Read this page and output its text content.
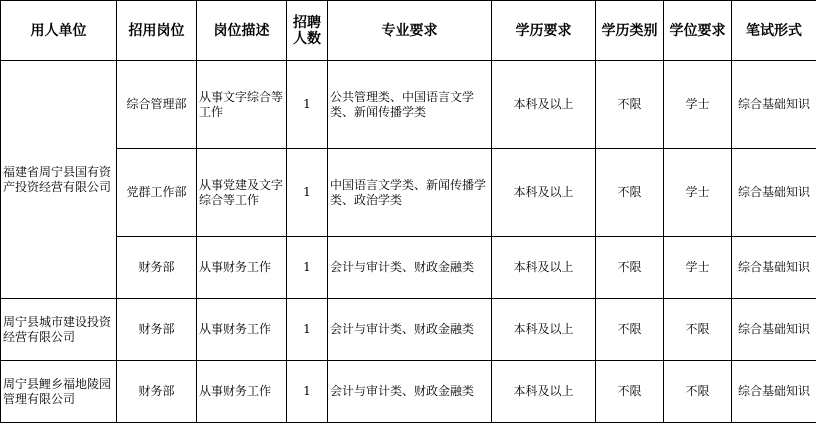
用人单位	招用岗位	岗位描述	招聘人数	专业要求	学历要求	学历类别	学位要求	笔试形式
福建省周宁县国有资产投资经营有限公司	综合管理部	从事文字综合等工作	1	公共管理类、中国语言文学类、新闻传播学类	本科及以上	不限	学士	综合基础知识
	党群工作部	从事党建及文字综合等工作	1	中国语言文学类、新闻传播学类、政治学类	本科及以上	不限	学士	综合基础知识
	财务部	从事财务工作	1	会计与审计类、财政金融类	本科及以上	不限	学士	综合基础知识
周宁县城市建设投资经营有限公司	财务部	从事财务工作	1	会计与审计类、财政金融类	本科及以上	不限	不限	综合基础知识
周宁县鲤乡福地陵园管理有限公司	财务部	从事财务工作	1	会计与审计类、财政金融类	本科及以上	不限	不限	综合基础知识
